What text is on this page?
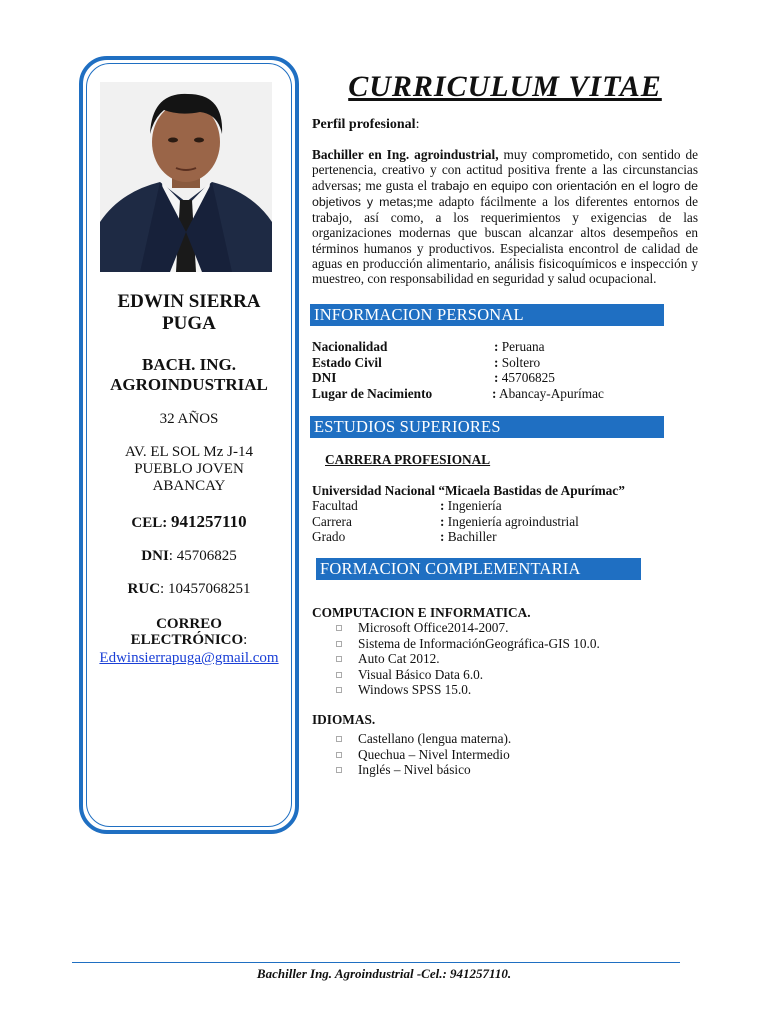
EDWIN SIERRA PUGA
BACH. ING. AGROINDUSTRIAL
32 AÑOS
AV. EL SOL Mz J-14
PUEBLO JOVEN
ABANCAY
CEL: 941257110
DNI: 45706825
RUC: 10457068251
CORREO
ELECTRÓNICO:
Edwinsierrapuga@gmail.com
CURRICULUM VITAE
Perfil profesional:
Bachiller en Ing. agroindustrial, muy comprometido, con sentido de pertenencia, creativo y con actitud positiva frente a las circunstancias adversas; me gusta el trabajo en equipo con orientación en el logro de objetivos y metas;me adapto fácilmente a los diferentes entornos de trabajo, así como, a los requerimientos y exigencias de las organizaciones modernas que buscan alcanzar altos desempeños en términos humanos y productivos. Especialista encontrol de calidad de aguas en producción alimentario, análisis fisicoquímicos e inspección y muestreo, con responsabilidad en seguridad y salud ocupacional.
INFORMACION PERSONAL
Nacionalidad	: Peruana
Estado Civil	: Soltero
DNI	: 45706825
Lugar de Nacimiento	: Abancay-Apurímac
ESTUDIOS SUPERIORES
CARRERA PROFESIONAL
Universidad Nacional “Micaela Bastidas de Apurímac”
Facultad	: Ingeniería
Carrera	: Ingeniería agroindustrial
Grado	: Bachiller
FORMACION COMPLEMENTARIA
COMPUTACION E INFORMATICA.
Microsoft Office2014-2007.
Sistema de InformaciónGeográfica-GIS 10.0.
Auto Cat 2012.
Visual Básico Data 6.0.
Windows SPSS 15.0.
IDIOMAS.
Castellano (lengua materna).
Quechua – Nivel Intermedio
Inglés – Nivel básico
Bachiller Ing. Agroindustrial -Cel.: 941257110.
